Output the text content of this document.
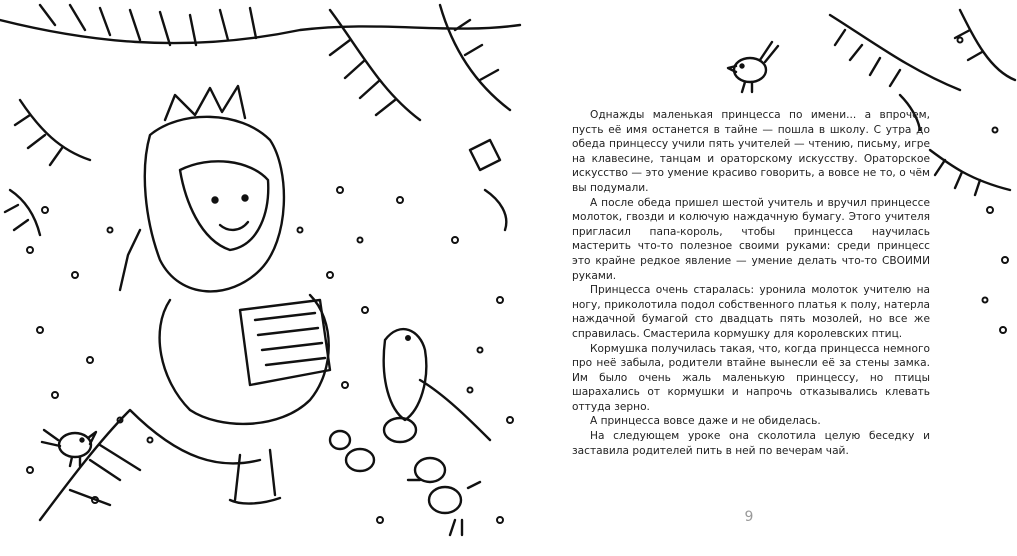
Однажды маленькая принцесса по имени... а впрочем, пусть её имя останется в тайне — пошла в школу. С утра до обеда принцессу учили пять учителей — чтению, письму, игре на клавесине, танцам и ораторскому искусству. Ораторское искусство — это умение красиво говорить, а вовсе не то, о чём вы подумали.

А после обеда пришел шестой учитель и вручил принцессе молоток, гвозди и колючую наждачную бумагу. Этого учителя пригласил папа-король, чтобы принцесса научилась мастерить что-то полезное своими руками: среди принцесс это крайне редкое явление — умение делать что-то СВОИМИ руками.

Принцесса очень старалась: уронила молоток учителю на ногу, приколотила подол собственного платья к полу, натерла наждачной бумагой сто двадцать пять мозолей, но все же справилась. Смастерила кормушку для королевских птиц.

Кормушка получилась такая, что, когда принцесса немного про неё забыла, родители втайне вынесли её за стены замка. Им было очень жаль маленькую принцессу, но птицы шарахались от кормушки и напрочь отказывались клевать оттуда зерно.

А принцесса вовсе даже и не обиделась.

На следующем уроке она сколотила целую беседку и заставила родителей пить в ней по вечерам чай.

9
